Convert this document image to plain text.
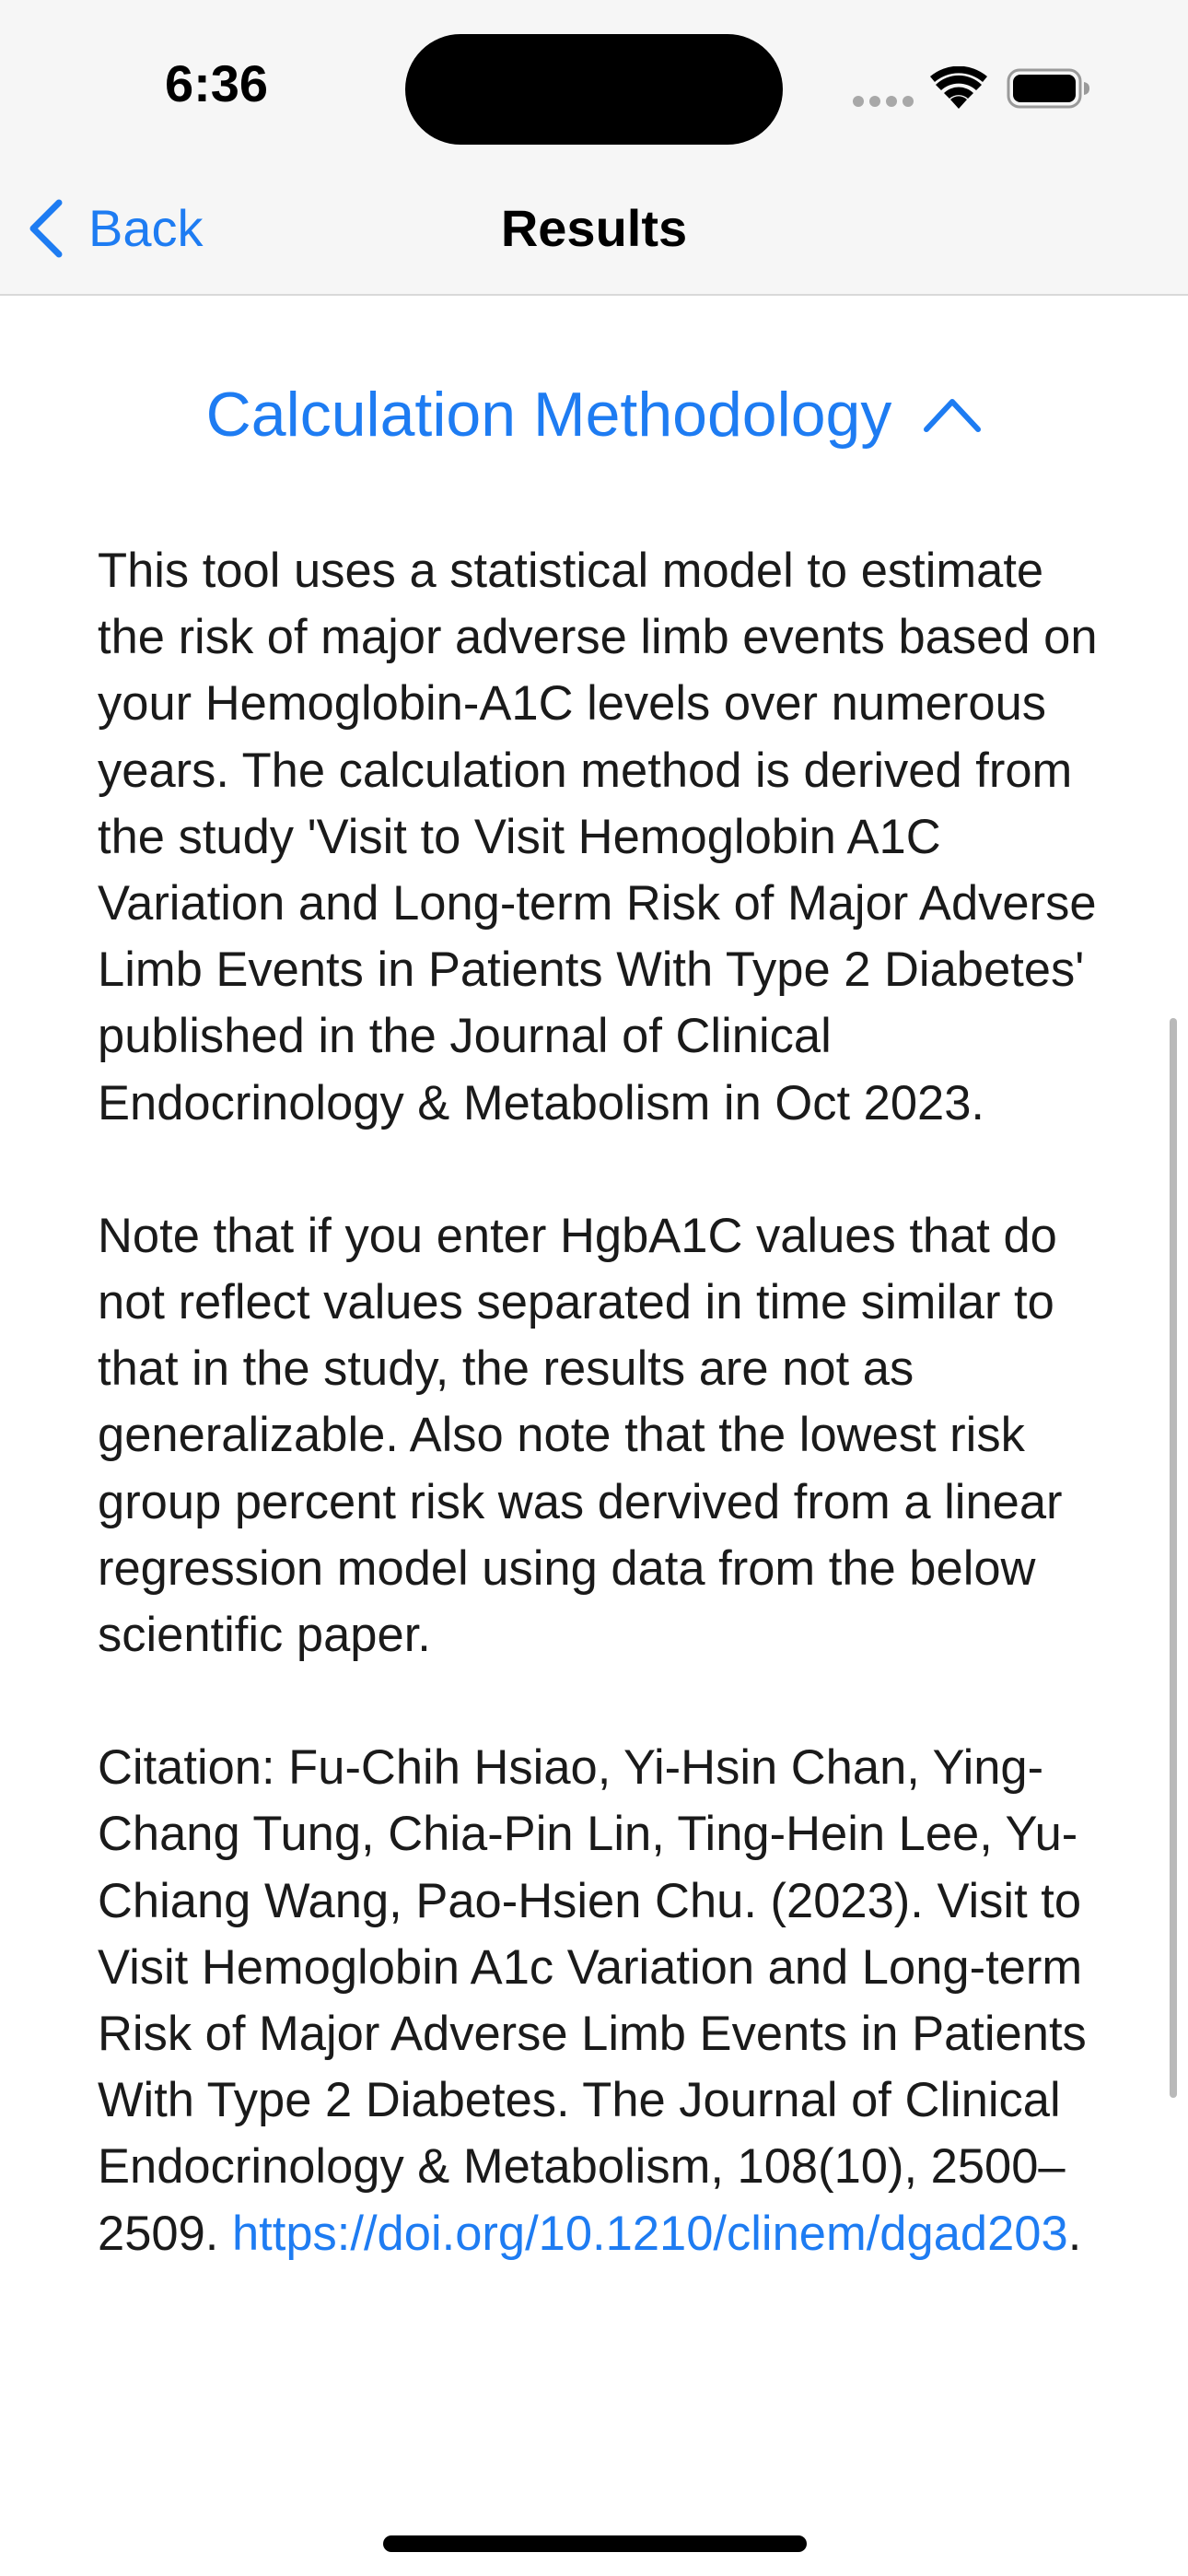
6:36
Back	Results
Calculation Methodology

This tool uses a statistical model to estimate the risk of major adverse limb events based on your Hemoglobin-A1C levels over numerous years. The calculation method is derived from the study 'Visit to Visit Hemoglobin A1C Variation and Long-term Risk of Major Adverse Limb Events in Patients With Type 2 Diabetes' published in the Journal of Clinical Endocrinology & Metabolism in Oct 2023.

Note that if you enter HgbA1C values that do not reflect values separated in time similar to that in the study, the results are not as generalizable. Also note that the lowest risk group percent risk was dervived from a linear regression model using data from the below scientific paper.

Citation: Fu-Chih Hsiao, Yi-Hsin Chan, Ying-Chang Tung, Chia-Pin Lin, Ting-Hein Lee, Yu-Chiang Wang, Pao-Hsien Chu. (2023). Visit to Visit Hemoglobin A1c Variation and Long-term Risk of Major Adverse Limb Events in Patients With Type 2 Diabetes. The Journal of Clinical Endocrinology & Metabolism, 108(10), 2500–2509. https://doi.org/10.1210/clinem/dgad203.
